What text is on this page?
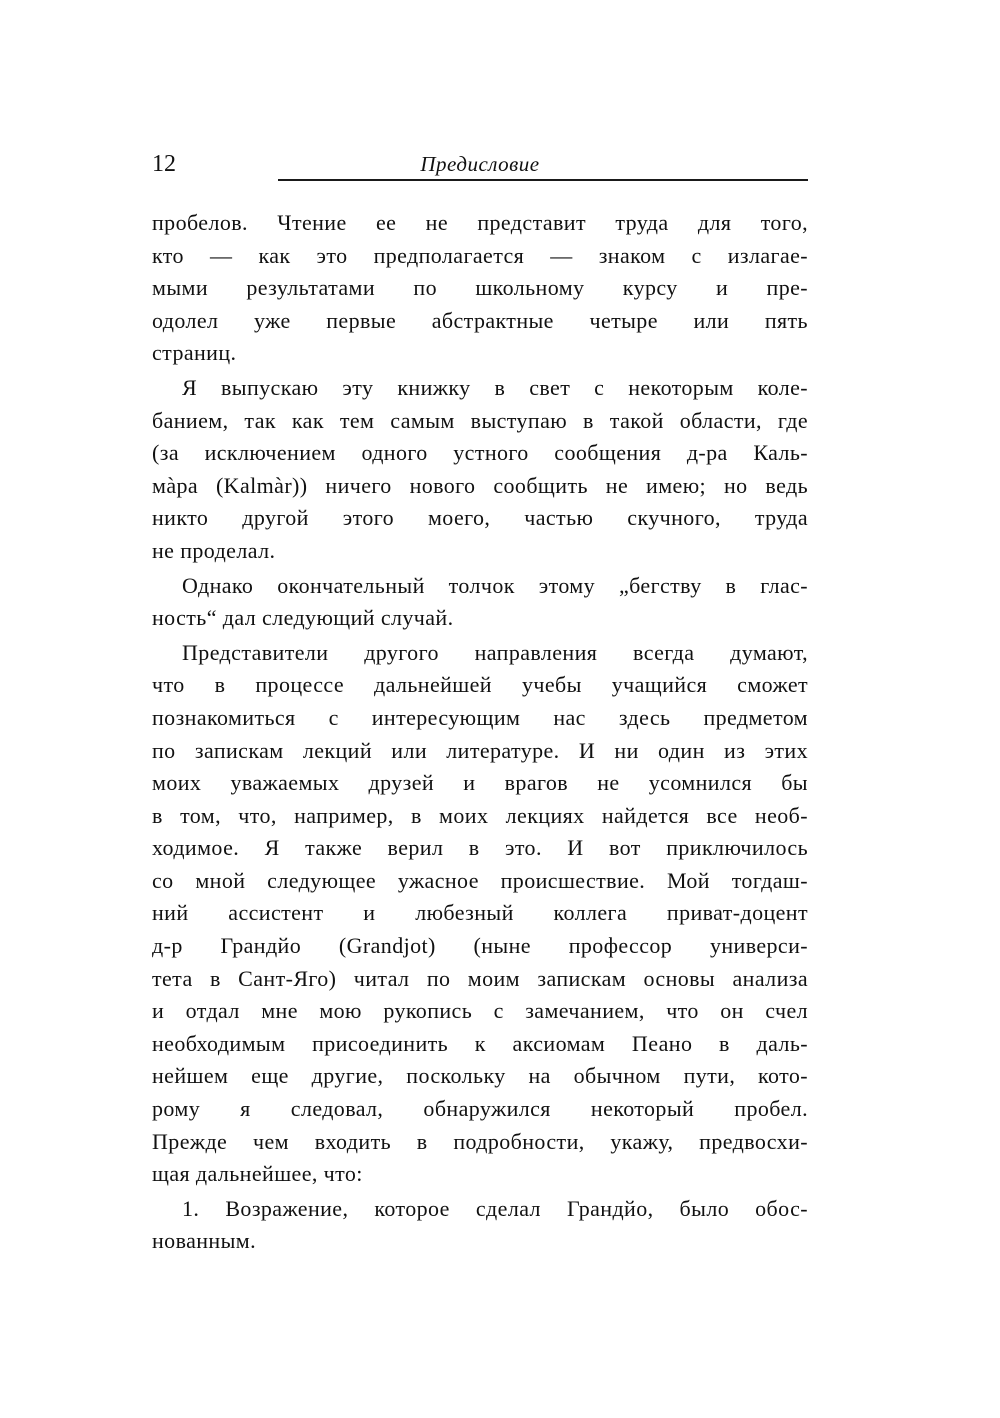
12	Предисловие
пробелов. Чтение ее не представит труда для того,
кто — как это предполагается — знаком с излагае-
мыми результатами по школьному курсу и пре-
одолел уже первые абстрактные четыре или пять
страниц.
Я выпускаю эту книжку в свет с некоторым коле-
банием, так как тем самым выступаю в такой области, где
(за исключением одного устного сообщения д-ра Каль-
мàра (Kalmàr)) ничего нового сообщить не имею; но ведь
никто другой этого моего, частью скучного, труда
не проделал.
Однако окончательный толчок этому „бегству в глас-
ность“ дал следующий случай.
Представители другого направления всегда думают,
что в процессе дальнейшей учебы учащийся сможет
познакомиться с интересующим нас здесь предметом
по запискам лекций или литературе. И ни один из этих
моих уважаемых друзей и врагов не усомнился бы
в том, что, например, в моих лекциях найдется все необ-
ходимое. Я также верил в это. И вот приключилось
со мной следующее ужасное происшествие. Мой тогдаш-
ний ассистент и любезный коллега приват-доцент
д-р Грандйо (Grandjot) (ныне профессор универси-
тета в Сант-Яго) читал по моим запискам основы анализа
и отдал мне мою рукопись с замечанием, что он счел
необходимым присоединить к аксиомам Пеано в даль-
нейшем еще другие, поскольку на обычном пути, кото-
рому я следовал, обнаружился некоторый пробел.
Прежде чем входить в подробности, укажу, предвосхи-
щая дальнейшее, что:
1. Возражение, которое сделал Грандйо, было обос-
нованным.
